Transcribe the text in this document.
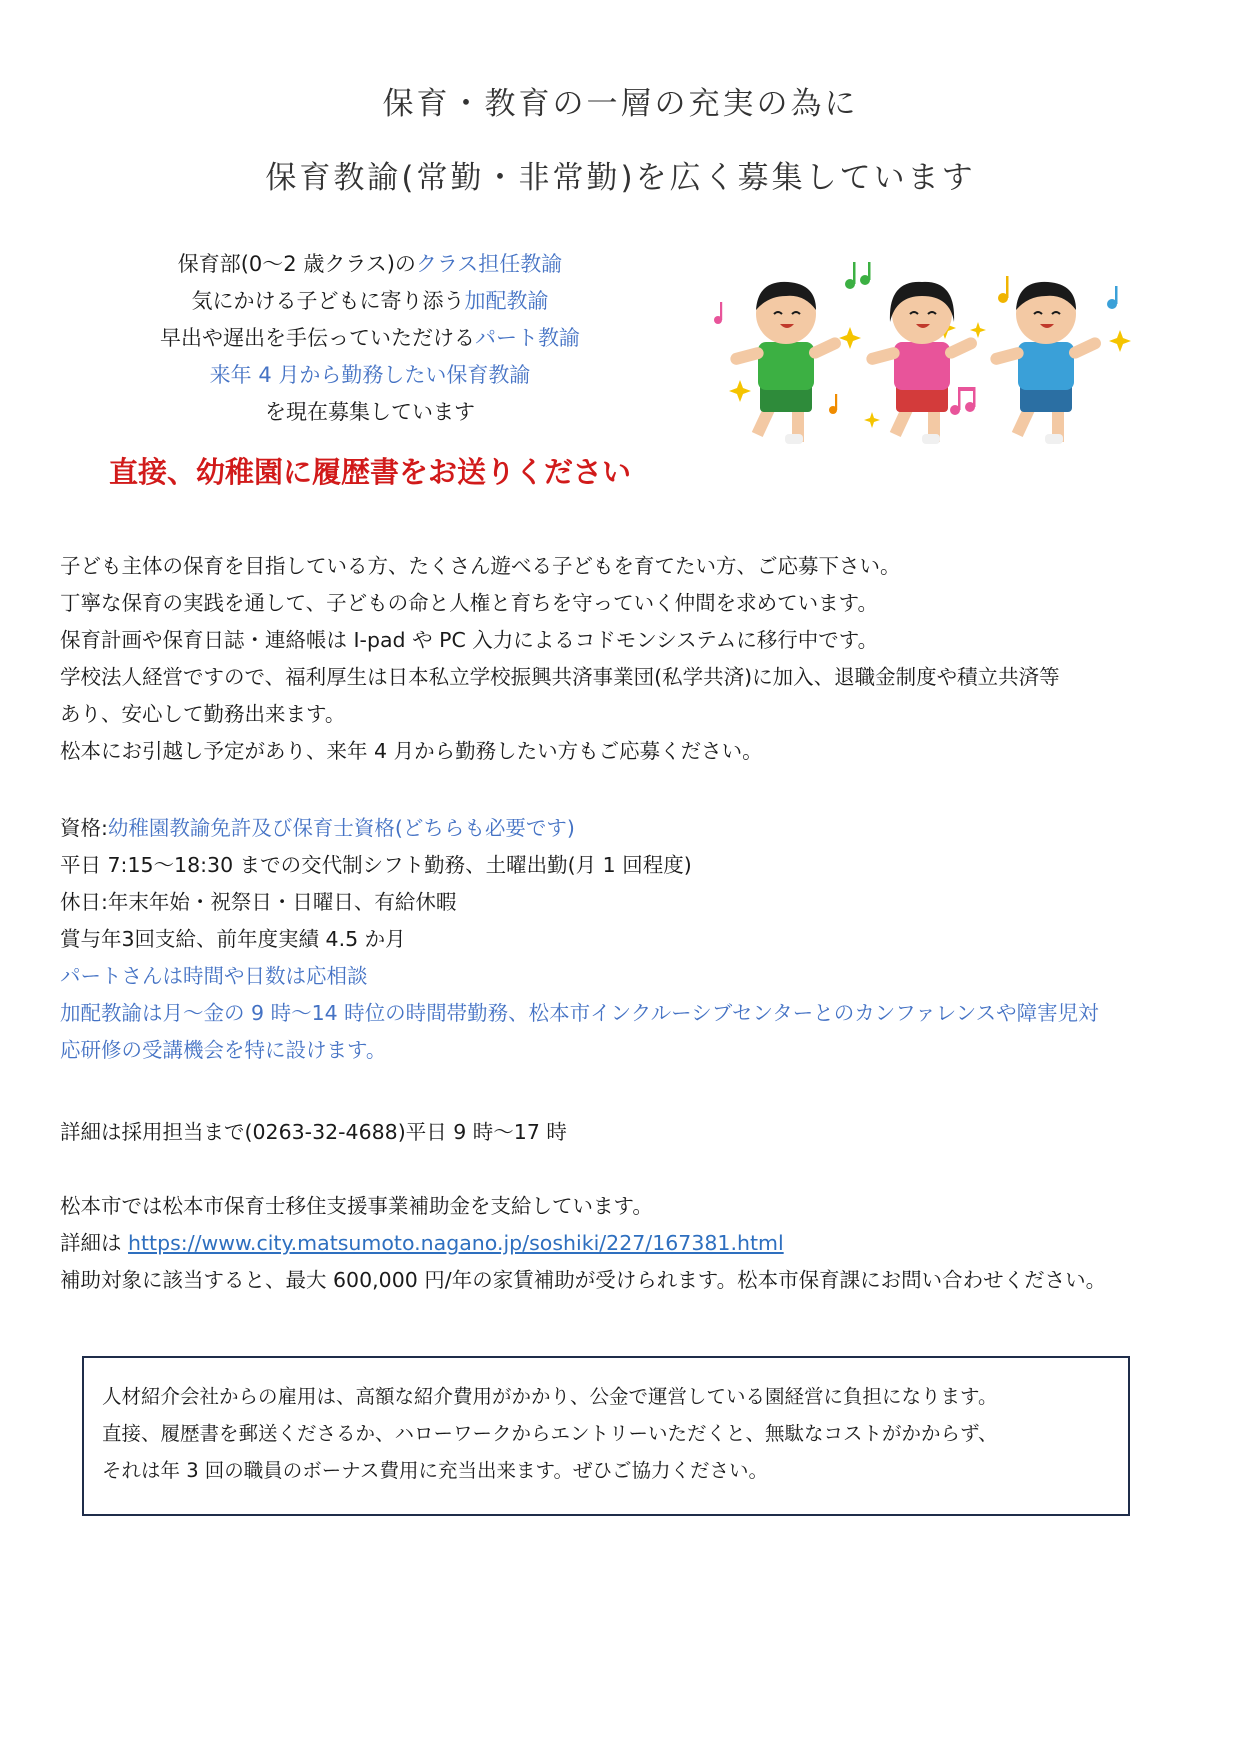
保育・教育の一層の充実の為に
保育教諭(常勤・非常勤)を広く募集しています
保育部(0～2 歳クラス)のクラス担任教諭
気にかける子どもに寄り添う加配教諭
早出や遅出を手伝っていただけるパート教諭
来年 4 月から勤務したい保育教諭
を現在募集しています
直接、幼稚園に履歴書をお送りください

子ども主体の保育を目指している方、たくさん遊べる子どもを育てたい方、ご応募下さい。

丁寧な保育の実践を通して、子どもの命と人権と育ちを守っていく仲間を求めています。

保育計画や保育日誌・連絡帳は I-pad や PC 入力によるコドモンシステムに移行中です。

学校法人経営ですので、福利厚生は日本私立学校振興共済事業団(私学共済)に加入、退職金制度や積立共済等

あり、安心して勤務出来ます。

松本にお引越し予定があり、来年 4 月から勤務したい方もご応募ください。

資格:幼稚園教諭免許及び保育士資格(どちらも必要です)

平日 7:15～18:30 までの交代制シフト勤務、土曜出勤(月 1 回程度)

休日:年末年始・祝祭日・日曜日、有給休暇

賞与年3回支給、前年度実績 4.5 か月

パートさんは時間や日数は応相談

加配教諭は月～金の 9 時～14 時位の時間帯勤務、松本市インクルーシブセンターとのカンファレンスや障害児対

応研修の受講機会を特に設けます。

詳細は採用担当まで(0263-32-4688)平日 9 時～17 時

松本市では松本市保育士移住支援事業補助金を支給しています。

詳細は https://www.city.matsumoto.nagano.jp/soshiki/227/167381.html

補助対象に該当すると、最大 600,000 円/年の家賃補助が受けられます。松本市保育課にお問い合わせください。

人材紹介会社からの雇用は、高額な紹介費用がかかり、公金で運営している園経営に負担になります。

直接、履歴書を郵送くださるか、ハローワークからエントリーいただくと、無駄なコストがかからず、

それは年 3 回の職員のボーナス費用に充当出来ます。ぜひご協力ください。
